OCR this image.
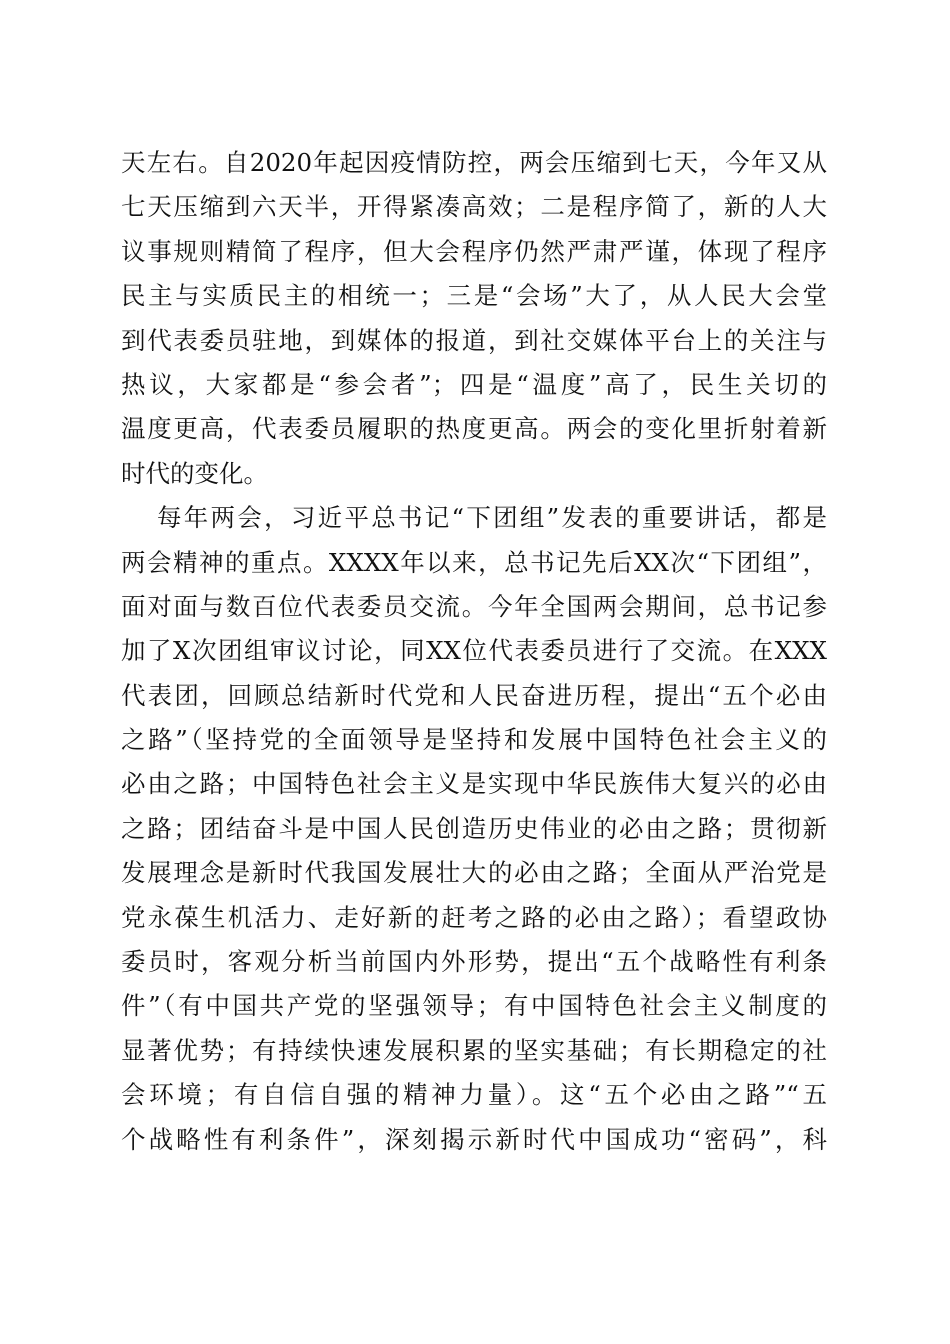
天左右。自2020年起因疫情防控，两会压缩到七天，今年又从
七天压缩到六天半，开得紧凑高效；二是程序简了，新的人大
议事规则精简了程序，但大会程序仍然严肃严谨，体现了程序
民主与实质民主的相统一；三是“会场”大了，从人民大会堂
到代表委员驻地，到媒体的报道，到社交媒体平台上的关注与
热议，大家都是“参会者”；四是“温度”高了，民生关切的
温度更高，代表委员履职的热度更高。两会的变化里折射着新
时代的变化。
每年两会，习近平总书记“下团组”发表的重要讲话，都是
两会精神的重点。XXXX年以来，总书记先后XX次“下团组”，
面对面与数百位代表委员交流。今年全国两会期间，总书记参
加了X次团组审议讨论，同XX位代表委员进行了交流。在XXX
代表团，回顾总结新时代党和人民奋进历程，提出“五个必由
之路”（坚持党的全面领导是坚持和发展中国特色社会主义的
必由之路；中国特色社会主义是实现中华民族伟大复兴的必由
之路；团结奋斗是中国人民创造历史伟业的必由之路；贯彻新
发展理念是新时代我国发展壮大的必由之路；全面从严治党是
党永葆生机活力、走好新的赶考之路的必由之路）；看望政协
委员时，客观分析当前国内外形势，提出“五个战略性有利条
件”（有中国共产党的坚强领导；有中国特色社会主义制度的
显著优势；有持续快速发展积累的坚实基础；有长期稳定的社
会环境；有自信自强的精神力量）。这“五个必由之路”“五
个战略性有利条件”，深刻揭示新时代中国成功“密码”，科
